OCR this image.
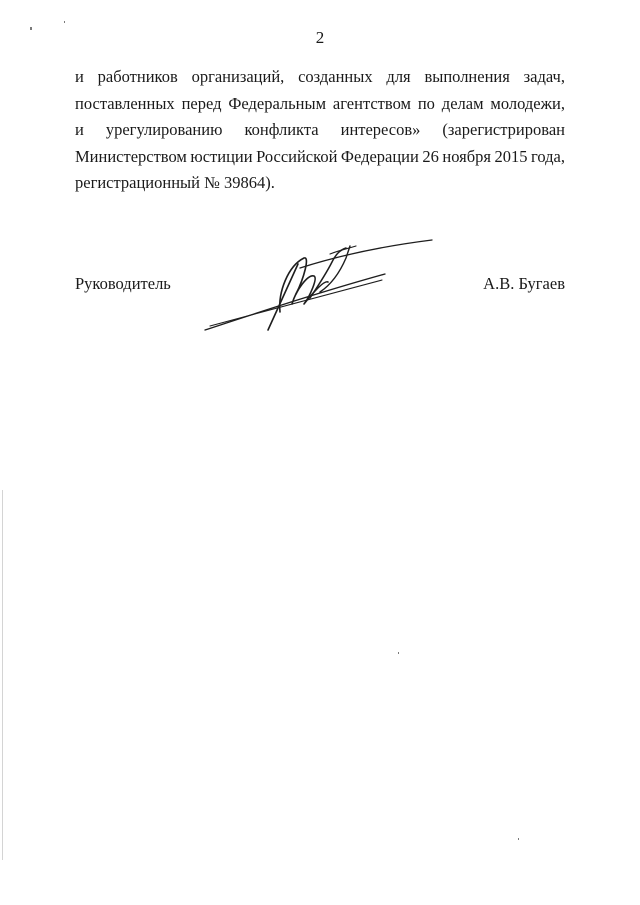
2
и работников организаций, созданных для выполнения задач,
поставленных перед Федеральным агентством по делам молодежи,
и урегулированию конфликта интересов» (зарегистрирован
Министерством юстиции Российской Федерации 26 ноября 2015 года,
регистрационный № 39864).
Руководитель	А.В. Бугаев
